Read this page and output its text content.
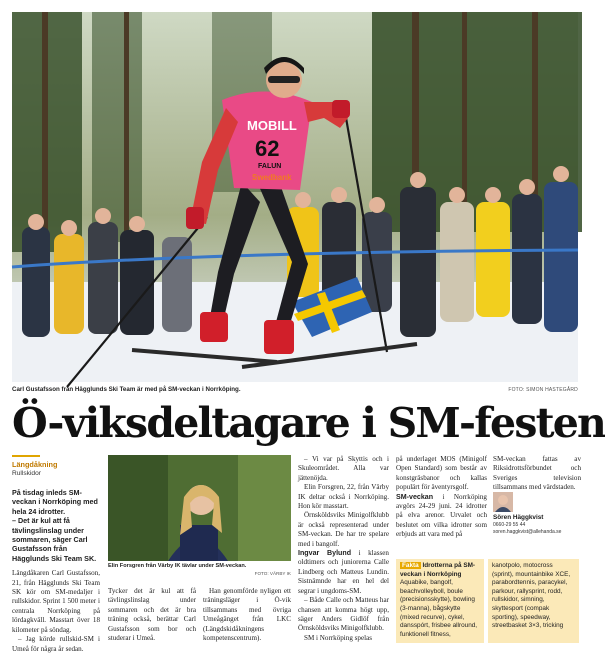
MOBILL
62
FALUN
Swedbank
Carl Gustafsson från Hägglunds Ski Team är med på SM-veckan i Norrköping.	FOTO: SIMON HASTEGÅRD
Ö-viksdeltagare i SM-festen
Längdåkning
Rullskidor

På tisdag inleds SM-veckan i Norrköping med hela 24 idrotter.

– Det är kul att få tävlingslinslag under sommaren, säger Carl Gustafsson från Hägglunds Ski Team SK.

Längdåkaren Carl Gustafsson, 21, från Hägglunds Ski Team SK kör om SM-medaljer i rullskidor. Sprint 1 500 meter i centrala Norrköping på lördagkväll. Masstart över 18 kilometer på söndag.

– Jag körde rullskid-SM i Umeå för några år sedan.

Elin Forsgren från Värby IK tävlar under SM-veckan.
FOTO: VÄRBY IK

Tycker det är kul att få tävlingslinslag under sommaren och det är bra träning också, berättar Carl Gustafsson som bor och studerar i Umeå.

Han genomförde nyligen ett träningsläger i Ö-vik tillsammans med övriga Umeågänget från LKC (Längdskidåkningens kompetenscentrum).

– Vi var på Skyttis och i Skuleområdet. Alla var jättenöjda.

Elin Forsgren, 22, från Värby IK deltar också i Norrköping. Hon kör masstart.

Örnsköldsviks Minigolfklubb är också representerad under SM-veckan. De har tre spelare med i bangolf.

Ingvar Bylund i klassen oldtimers och juniorerna Calle Lindberg och Matteus Lundin. Sistnämnde har en hel del segrar i ungdoms-SM.

– Både Calle och Matteus har chansen att komma högt upp, säger Anders Gidlöf från Örnsköldsviks Minigolfklubb.

SM i Norrköping spelas

på underlaget MOS (Minigolf Open Standard) som består av konstgräsbanor och kallas populärt för äventyrsgolf.

SM-veckan i Norrköping avgörs 24-29 juni. 24 idrotter på elva arenor. Urvalet och beslutet om vilka idrotter som erbjuds att vara med på

SM-veckan fattas av Riksidrottsförbundet och Sveriges television tillsammans med värdstaden.

Sören Häggkvist
0660-29 55 44
soren.haggkvist@allehanda.se

Fakta Idrotterna på SM-veckan i Norrköping

Aquabike, bangolf, beachvolleyboll, boule (precisionsskytte), bowling (3-manna), bågskytte (mixed recurve), cykel, dansspórt, frisbee allround, funktionell fitness,

kanotpolo, motocross (sprint), mountainbike XCE, parabordtennis, paracykel, parkour, rallysprint, rodd, rullskidor, simning, skyttesport (compak sporting), speedway, streetbasket 3×3, tricking
